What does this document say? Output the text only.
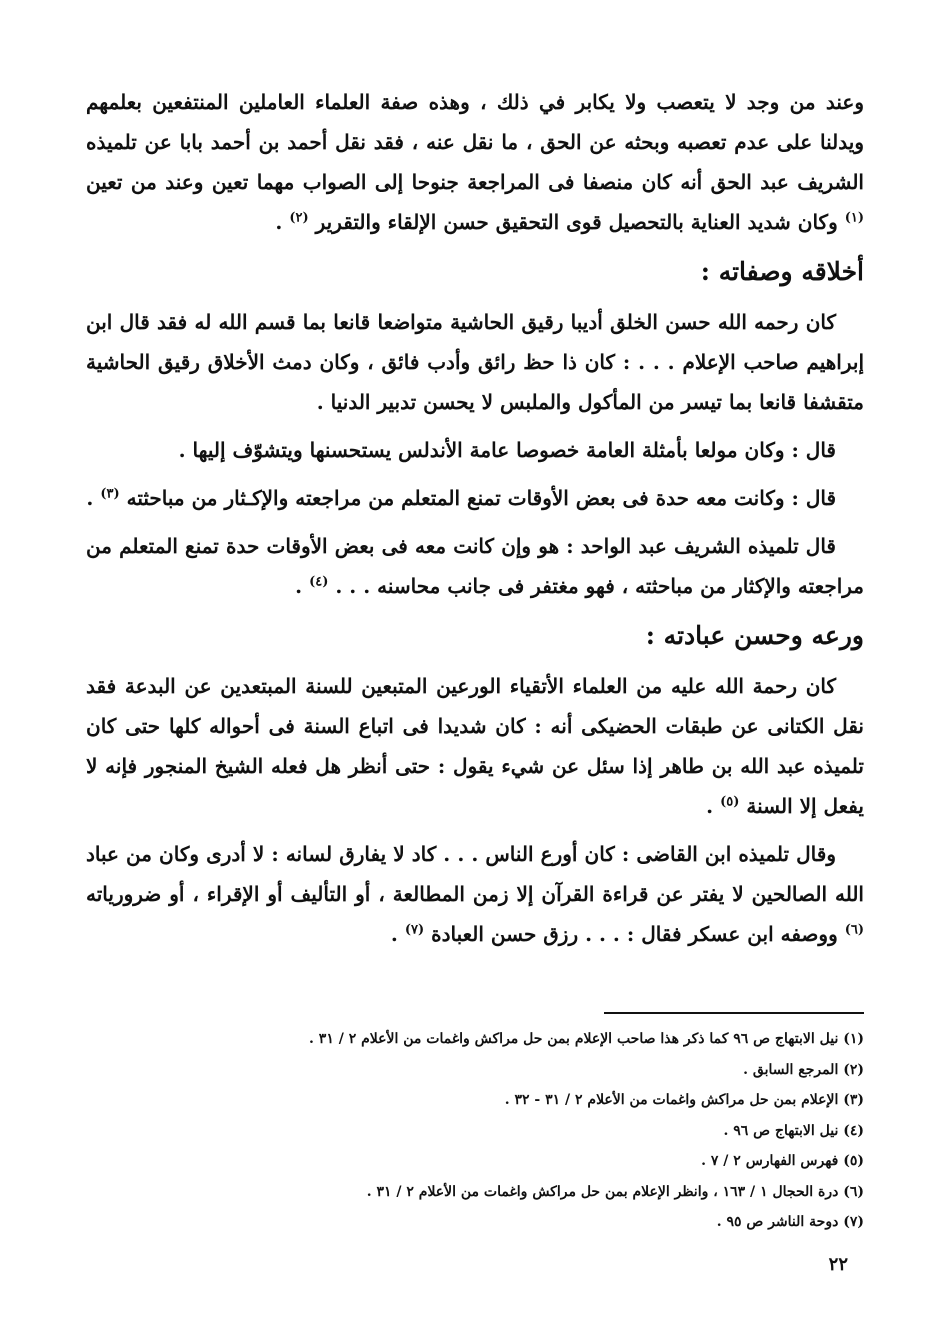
وعند من وجد لا يتعصب ولا يكابر في ذلك ، وهذه صفة العلماء العاملين المنتفعين بعلمهم ويدلنا على عدم تعصبه وبحثه عن الحق ، ما نقل عنه ، فقد نقل أحمد بن أحمد بابا عن تلميذه الشريف عبد الحق أنه كان منصفا فى المراجعة جنوحا إلى الصواب مهما تعين وعند من تعين $^{(١)}$ وكان شديد العناية بالتحصيل قوى التحقيق حسن الإلقاء والتقرير $^{(٢)}$ .

أخلاقه وصفاته :

كان رحمه الله حسن الخلق أديبا رقيق الحاشية متواضعا قانعا بما قسم الله له فقد قال ابن إبراهيم صاحب الإعلام . . . : كان ذا حظ رائق وأدب فائق ، وكان دمث الأخلاق رقيق الحاشية متقشفا قانعا بما تيسر من المأكول والملبس لا يحسن تدبير الدنيا .

قال : وكان مولعا بأمثلة العامة خصوصا عامة الأندلس يستحسنها ويتشوّف إليها .

قال : وكانت معه حدة فى بعض الأوقات تمنع المتعلم من مراجعته والإكـثار من مباحثته $^{(٣)}$ .

قال تلميذه الشريف عبد الواحد : هو وإن كانت معه فى بعض الأوقات حدة تمنع المتعلم من مراجعته والإكثار من مباحثته ، فهو مغتفر فى جانب محاسنه . . . $^{(٤)}$ .

ورعه وحسن عبادته :

كان رحمة الله عليه من العلماء الأتقياء الورعين المتبعين للسنة المبتعدين عن البدعة فقد نقل الكتانى عن طبقات الحضيكى أنه : كان شديدا فى اتباع السنة فى أحواله كلها حتى كان تلميذه عبد الله بن طاهر إذا سئل عن شيء يقول : حتى أنظر هل فعله الشيخ المنجور فإنه لا يفعل إلا السنة $^{(٥)}$ .

وقال تلميذه ابن القاضى : كان أورع الناس . . . كاد لا يفارق لسانه : لا أدرى وكان من عباد الله الصالحين لا يفتر عن قراءة القرآن إلا زمن المطالعة ، أو التأليف أو الإقراء ، أو ضرورياته $^{(٦)}$ ووصفه ابن عسكر فقال : . . . رزق حسن العبادة $^{(٧)}$ .

(١) نيل الابتهاج ص ٩٦ كما ذكر هذا صاحب الإعلام بمن حل مراكش واغمات من الأعلام ٢ / ٣١ .
(٢) المرجع السابق .
(٣) الإعلام بمن حل مراكش واغمات من الأعلام ٢ / ٣١ - ٣٢ .
(٤) نيل الابتهاج ص ٩٦ .
(٥) فهرس الفهارس ٢ / ٧ .
(٦) درة الحجال ١ / ١٦٣ ، وانظر الإعلام بمن حل مراكش واغمات من الأعلام ٢ / ٣١ .
(٧) دوحة الناشر ص ٩٥ .
٢٢
